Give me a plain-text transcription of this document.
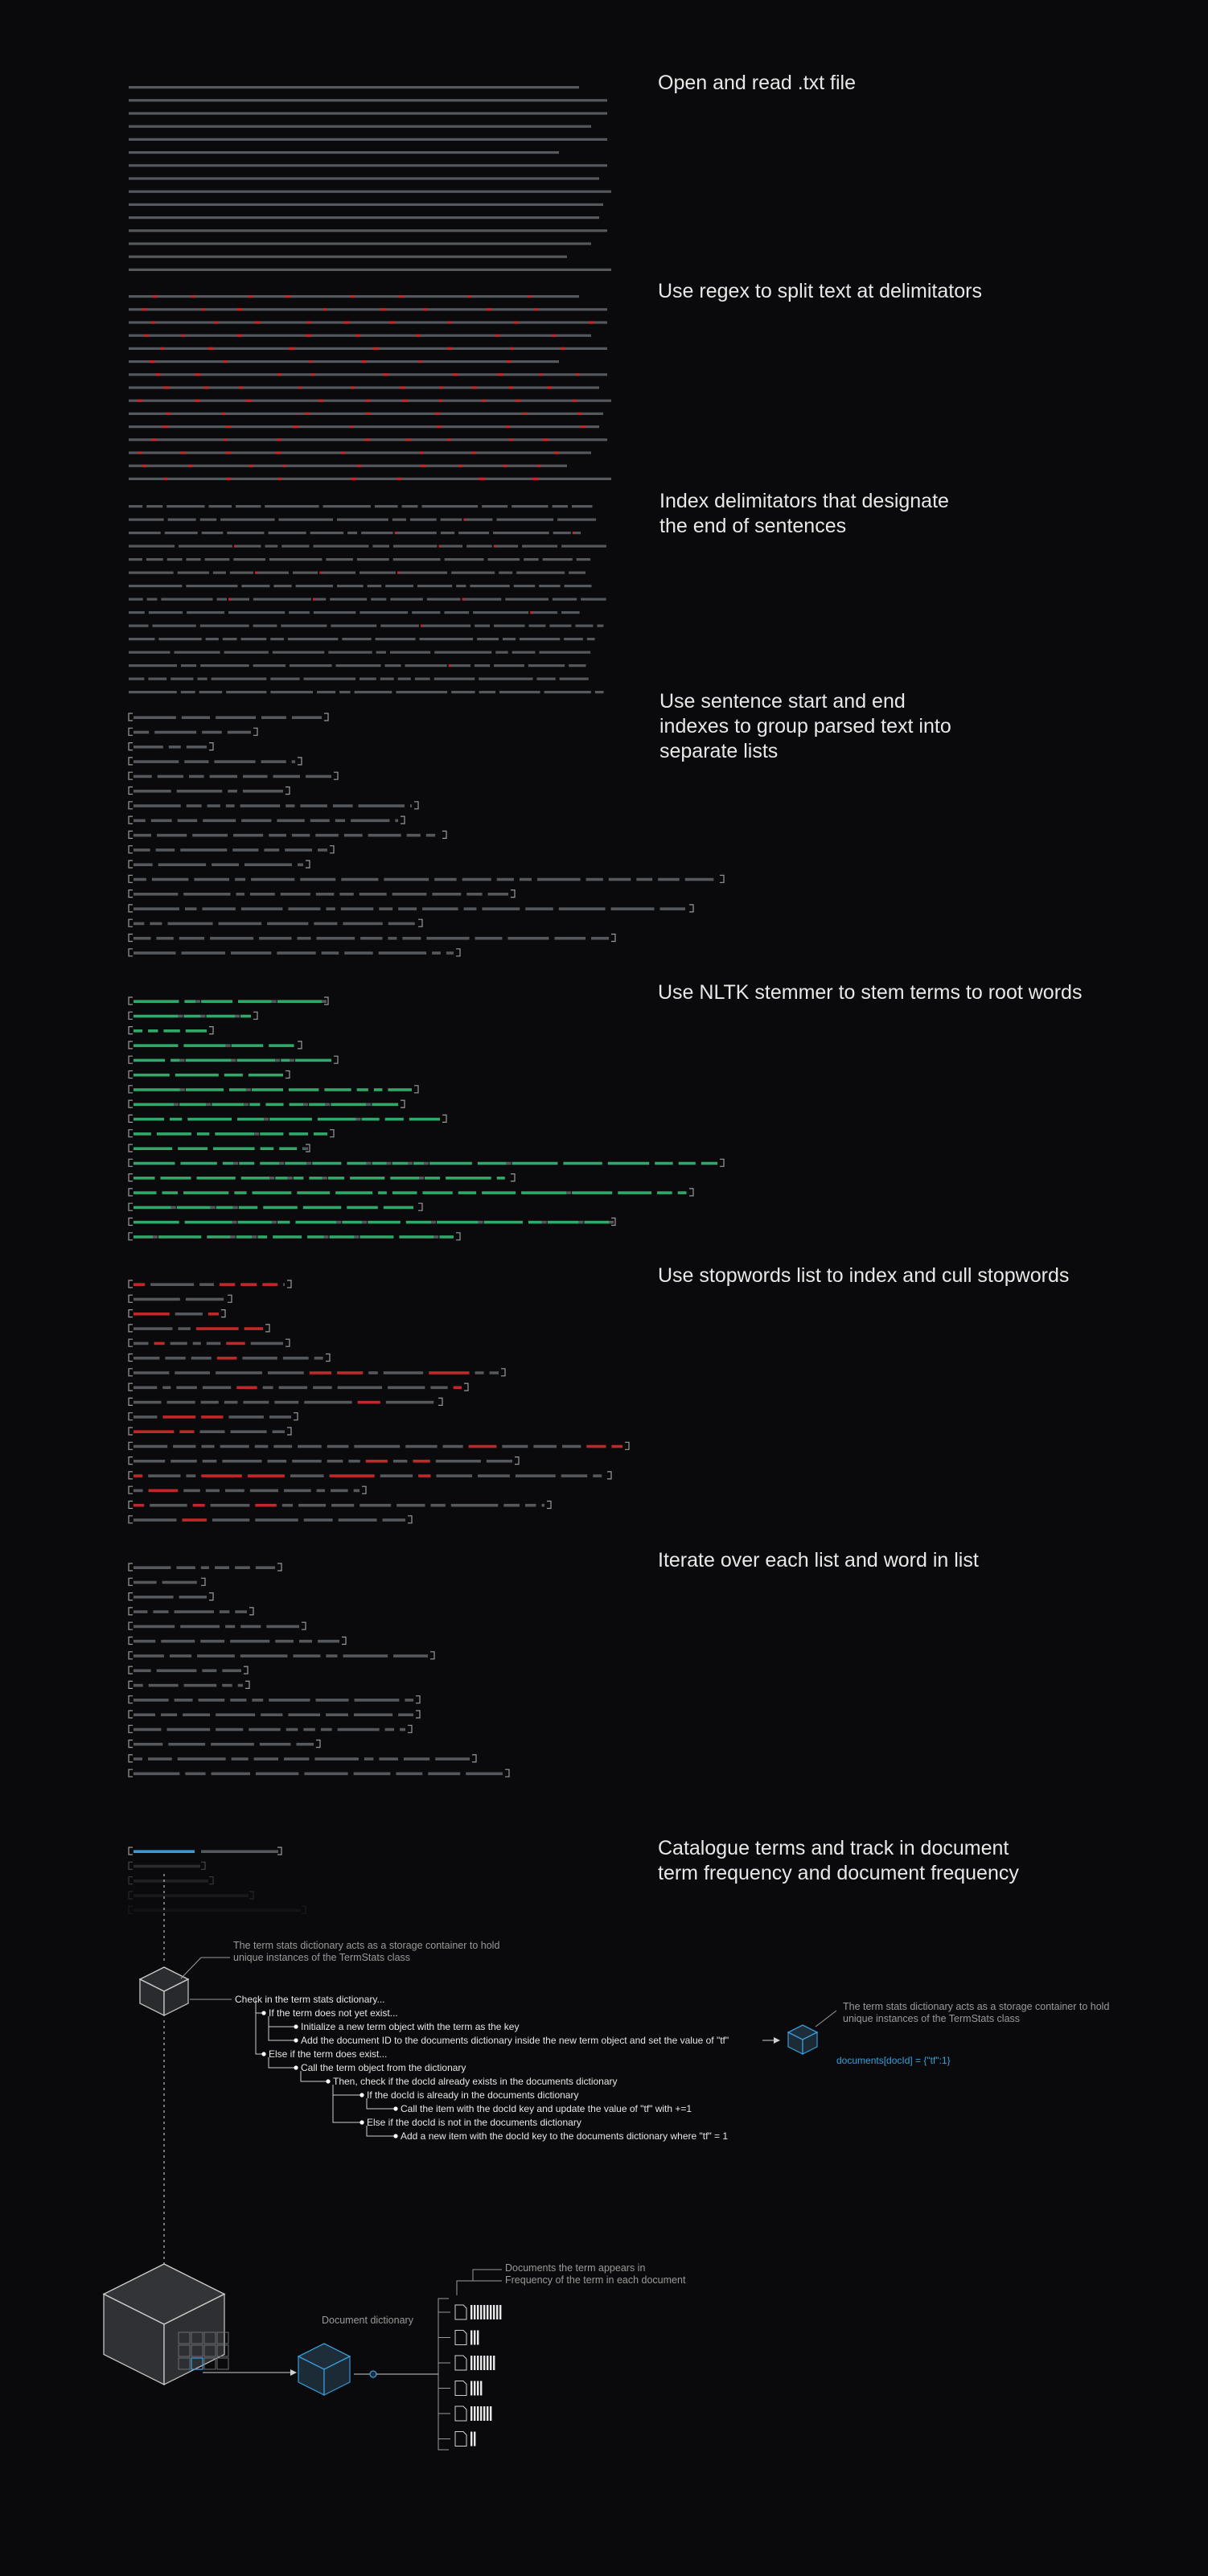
Open and read .txt file
Use regex to split text at delimitators
Index delimitators that designate
the end of sentences
Use sentence start and end
indexes to group parsed text into
separate lists
Use NLTK stemmer to stem terms to root words
Use stopwords list to index and cull stopwords
Iterate over each list and word in list
Catalogue terms and track in document
term frequency and document frequency
The term stats dictionary acts as a storage container to hold
unique instances of the TermStats class
The term stats dictionary acts as a storage container to hold
unique instances of the TermStats class
documents[docId] = {"tf":1}
Check in the term stats dictionary...
If the term does not yet exist...
Initialize a new term object with the term as the key
Add the document ID to the documents dictionary inside the new term object and set the value of "tf"
Else if the term does exist...
Call the term object from the dictionary
Then, check if the docId already exists in the documents dictionary
If the docId is already in the documents dictionary
Call the item with the docId key and update the value of "tf" with +=1
Else if the docId is not in the documents dictionary
Add a new item with the docId key to the documents dictionary where "tf" = 1
Document dictionary
Documents the term appears in
Frequency of the term in each document
